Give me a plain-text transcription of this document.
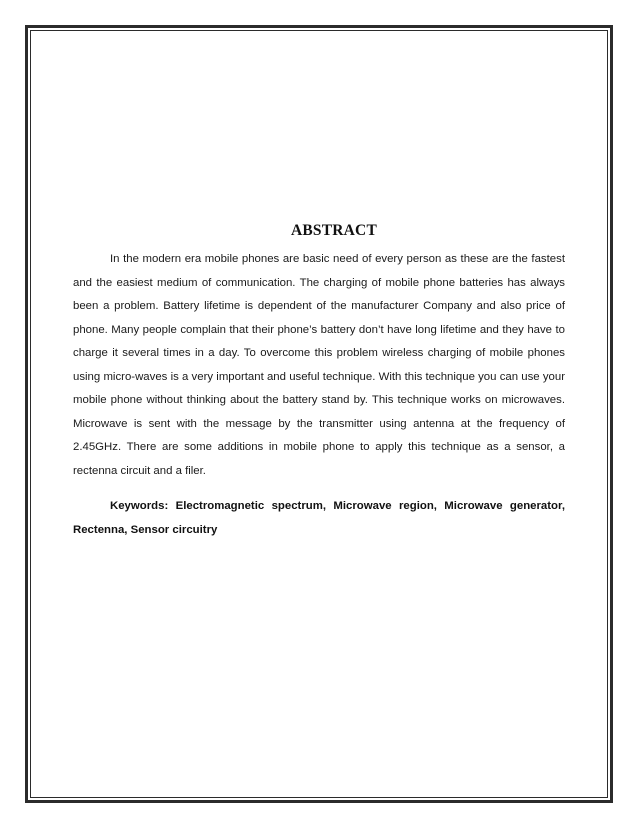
ABSTRACT

In the modern era mobile phones are basic need of every person as these are the fastest and the easiest medium of communication. The charging of mobile phone batteries has always been a problem. Battery lifetime is dependent of the manufacturer Company and also price of phone. Many people complain that their phone’s battery don’t have long lifetime and they have to charge it several times in a day. To overcome this problem wireless charging of mobile phones using micro-waves is a very important and useful technique. With this technique you can use your mobile phone without thinking about the battery stand by. This technique works on microwaves. Microwave is sent with the message by the transmitter using antenna at the frequency of 2.45GHz. There are some additions in mobile phone to apply this technique as a sensor, a rectenna circuit and a filer.

Keywords: Electromagnetic spectrum, Microwave region, Microwave generator, Rectenna, Sensor circuitry
